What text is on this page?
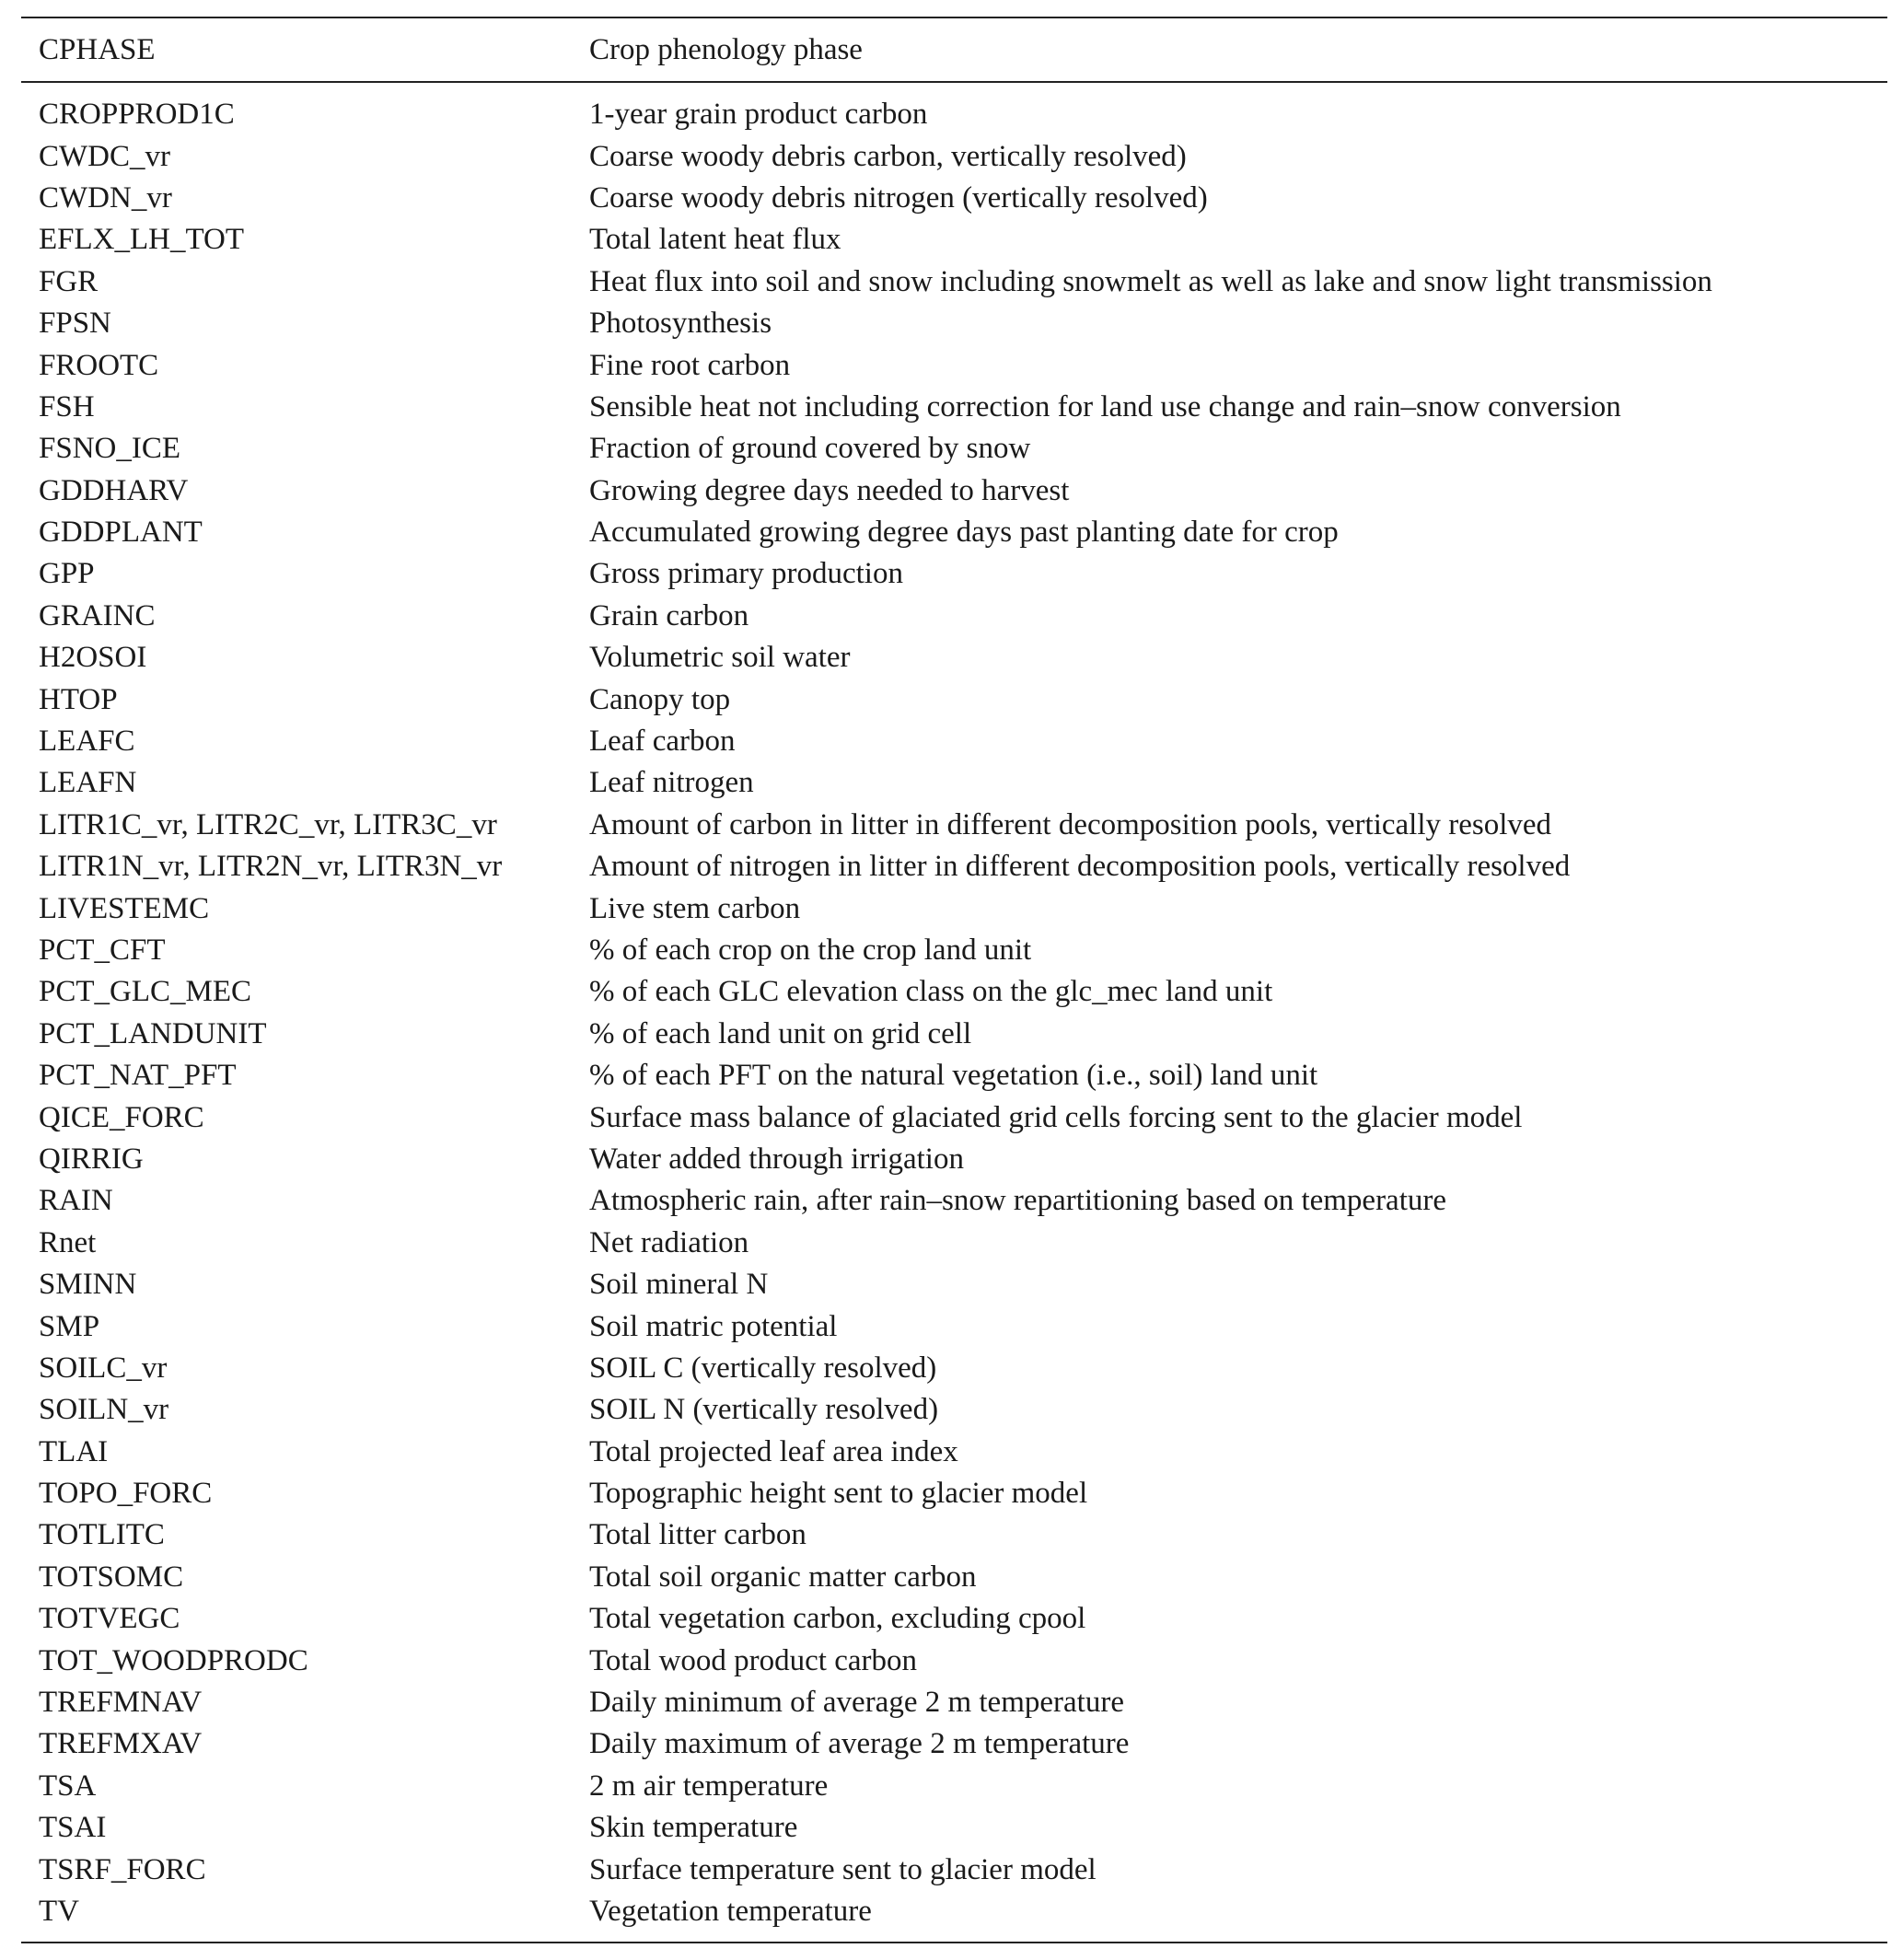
CPHASE	Crop phenology phase
CROPPROD1C	1-year grain product carbon
CWDC_vr	Coarse woody debris carbon, vertically resolved)
CWDN_vr	Coarse woody debris nitrogen (vertically resolved)
EFLX_LH_TOT	Total latent heat flux
FGR	Heat flux into soil and snow including snowmelt as well as lake and snow light transmission
FPSN	Photosynthesis
FROOTC	Fine root carbon
FSH	Sensible heat not including correction for land use change and rain–snow conversion
FSNO_ICE	Fraction of ground covered by snow
GDDHARV	Growing degree days needed to harvest
GDDPLANT	Accumulated growing degree days past planting date for crop
GPP	Gross primary production
GRAINC	Grain carbon
H2OSOI	Volumetric soil water
HTOP	Canopy top
LEAFC	Leaf carbon
LEAFN	Leaf nitrogen
LITR1C_vr, LITR2C_vr, LITR3C_vr	Amount of carbon in litter in different decomposition pools, vertically resolved
LITR1N_vr, LITR2N_vr, LITR3N_vr	Amount of nitrogen in litter in different decomposition pools, vertically resolved
LIVESTEMC	Live stem carbon
PCT_CFT	% of each crop on the crop land unit
PCT_GLC_MEC	% of each GLC elevation class on the glc_mec land unit
PCT_LANDUNIT	% of each land unit on grid cell
PCT_NAT_PFT	% of each PFT on the natural vegetation (i.e., soil) land unit
QICE_FORC	Surface mass balance of glaciated grid cells forcing sent to the glacier model
QIRRIG	Water added through irrigation
RAIN	Atmospheric rain, after rain–snow repartitioning based on temperature
Rnet	Net radiation
SMINN	Soil mineral N
SMP	Soil matric potential
SOILC_vr	SOIL C (vertically resolved)
SOILN_vr	SOIL N (vertically resolved)
TLAI	Total projected leaf area index
TOPO_FORC	Topographic height sent to glacier model
TOTLITC	Total litter carbon
TOTSOMC	Total soil organic matter carbon
TOTVEGC	Total vegetation carbon, excluding cpool
TOT_WOODPRODC	Total wood product carbon
TREFMNAV	Daily minimum of average 2 m temperature
TREFMXAV	Daily maximum of average 2 m temperature
TSA	2 m air temperature
TSAI	Skin temperature
TSRF_FORC	Surface temperature sent to glacier model
TV	Vegetation temperature
